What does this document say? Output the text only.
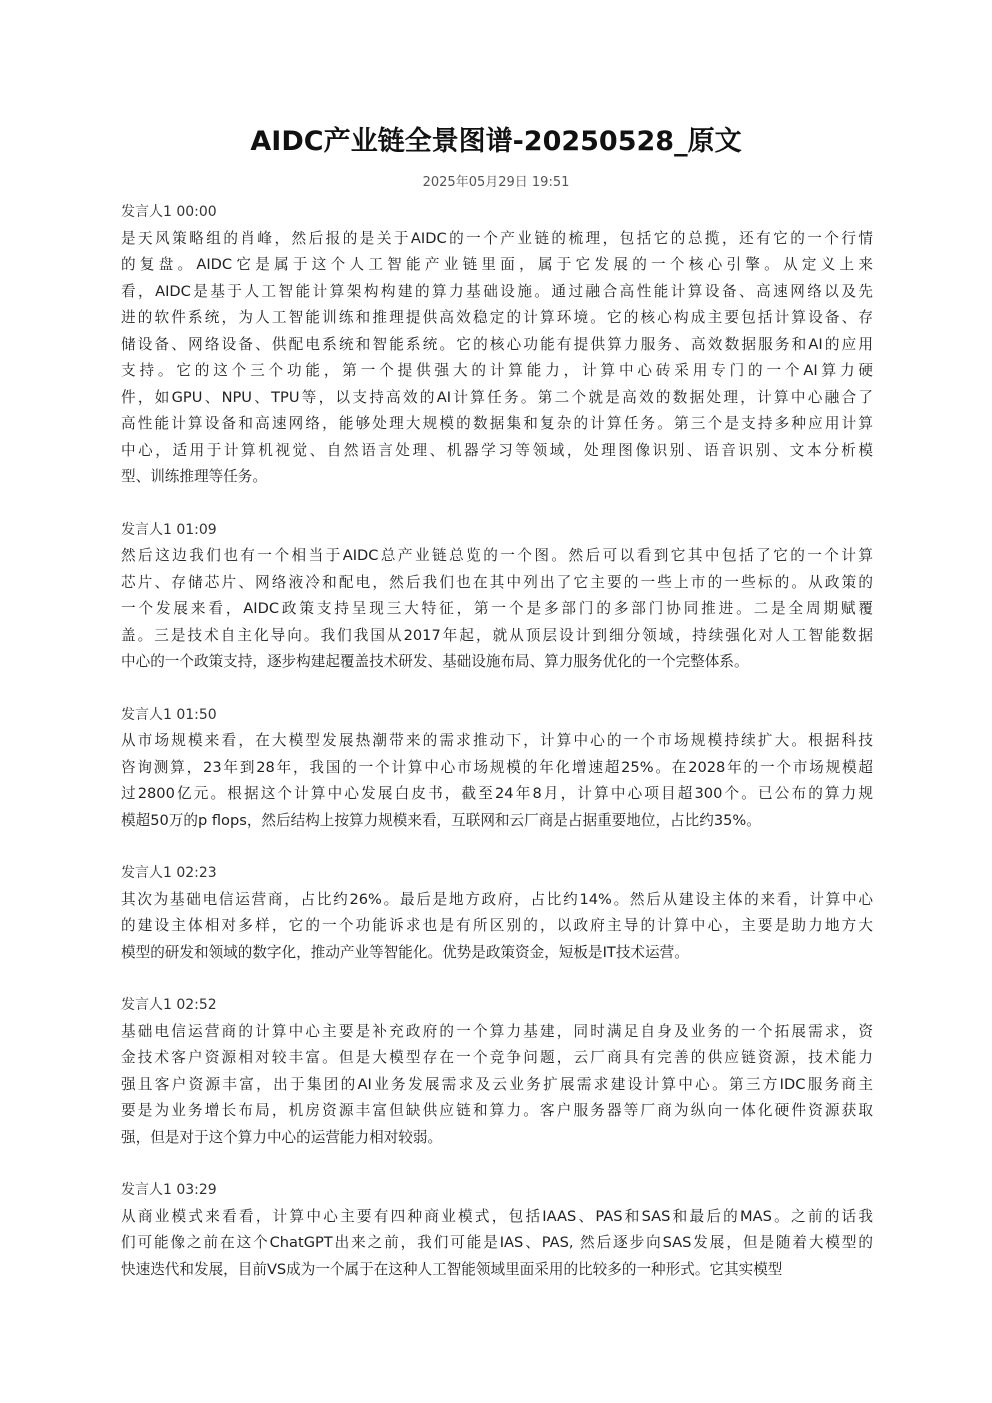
AIDC产业链全景图谱-20250528_原文
2025年05月29日 19:51
发言人1 00:00
是天风策略组的肖峰，然后报的是关于AIDC的一个产业链的梳理，包括它的总揽，还有它的一个行情
的复盘。AIDC它是属于这个人工智能产业链里面，属于它发展的一个核心引擎。从定义上来
看，AIDC是基于人工智能计算架构构建的算力基础设施。通过融合高性能计算设备、高速网络以及先
进的软件系统，为人工智能训练和推理提供高效稳定的计算环境。它的核心构成主要包括计算设备、存
储设备、网络设备、供配电系统和智能系统。它的核心功能有提供算力服务、高效数据服务和AI的应用
支持。它的这个三个功能，第一个提供强大的计算能力，计算中心砖采用专门的一个AI算力硬
件，如GPU、NPU、TPU等，以支持高效的AI计算任务。第二个就是高效的数据处理，计算中心融合了
高性能计算设备和高速网络，能够处理大规模的数据集和复杂的计算任务。第三个是支持多种应用计算
中心，适用于计算机视觉、自然语言处理、机器学习等领域，处理图像识别、语音识别、文本分析模
型、训练推理等任务。
发言人1 01:09
然后这边我们也有一个相当于AIDC总产业链总览的一个图。然后可以看到它其中包括了它的一个计算
芯片、存储芯片、网络液冷和配电，然后我们也在其中列出了它主要的一些上市的一些标的。从政策的
一个发展来看，AIDC政策支持呈现三大特征，第一个是多部门的多部门协同推进。二是全周期赋覆
盖。三是技术自主化导向。我们我国从2017年起，就从顶层设计到细分领域，持续强化对人工智能数据
中心的一个政策支持，逐步构建起覆盖技术研发、基础设施布局、算力服务优化的一个完整体系。
发言人1 01:50
从市场规模来看，在大模型发展热潮带来的需求推动下，计算中心的一个市场规模持续扩大。根据科技
咨询测算，23年到28年，我国的一个计算中心市场规模的年化增速超25%。在2028年的一个市场规模超
过2800亿元。根据这个计算中心发展白皮书，截至24年8月，计算中心项目超300个。已公布的算力规
模超50万的p flops，然后结构上按算力规模来看，互联网和云厂商是占据重要地位，占比约35%。
发言人1 02:23
其次为基础电信运营商，占比约26%。最后是地方政府，占比约14%。然后从建设主体的来看，计算中心
的建设主体相对多样，它的一个功能诉求也是有所区别的，以政府主导的计算中心，主要是助力地方大
模型的研发和领域的数字化，推动产业等智能化。优势是政策资金，短板是IT技术运营。
发言人1 02:52
基础电信运营商的计算中心主要是补充政府的一个算力基建，同时满足自身及业务的一个拓展需求，资
金技术客户资源相对较丰富。但是大模型存在一个竞争问题，云厂商具有完善的供应链资源，技术能力
强且客户资源丰富，出于集团的AI业务发展需求及云业务扩展需求建设计算中心。第三方IDC服务商主
要是为业务增长布局，机房资源丰富但缺供应链和算力。客户服务器等厂商为纵向一体化硬件资源获取
强，但是对于这个算力中心的运营能力相对较弱。
发言人1 03:29
从商业模式来看看，计算中心主要有四种商业模式，包括IAAS、PAS和SAS和最后的MAS。之前的话我
们可能像之前在这个ChatGPT出来之前，我们可能是IAS、PAS, 然后逐步向SAS发展，但是随着大模型的
快速迭代和发展，目前VS成为一个属于在这种人工智能领域里面采用的比较多的一种形式。它其实模型
